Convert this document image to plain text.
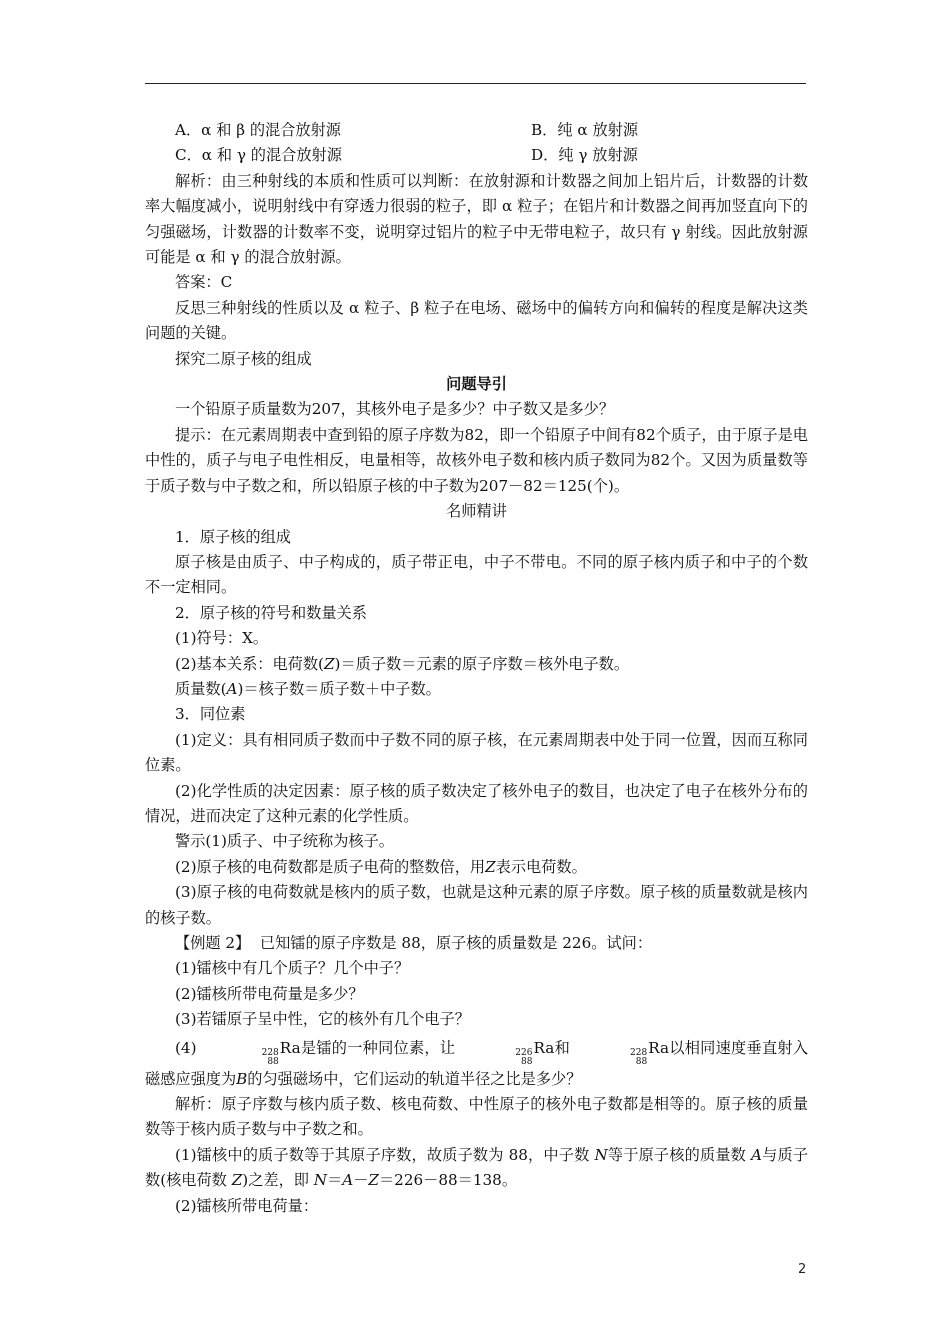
A．α 和 β 的混合放射源	B．纯 α 放射源
C．α 和 γ 的混合放射源	D．纯 γ 放射源

解析：由三种射线的本质和性质可以判断：在放射源和计数器之间加上铝片后，计数器的计数率大幅度减小，说明射线中有穿透力很弱的粒子，即 α 粒子；在铝片和计数器之间再加竖直向下的匀强磁场，计数器的计数率不变，说明穿过铝片的粒子中无带电粒子，故只有 γ 射线。因此放射源可能是 α 和 γ 的混合放射源。

答案：C

反思三种射线的性质以及 α 粒子、β 粒子在电场、磁场中的偏转方向和偏转的程度是解决这类问题的关键。

探究二原子核的组成

问题导引

一个铅原子质量数为207，其核外电子是多少？中子数又是多少？

提示：在元素周期表中查到铅的原子序数为82，即一个铅原子中间有82个质子，由于原子是电中性的，质子与电子电性相反，电量相等，故核外电子数和核内质子数同为82个。又因为质量数等于质子数与中子数之和，所以铅原子核的中子数为207－82＝125(个)。

名师精讲

1．原子核的组成

原子核是由质子、中子构成的，质子带正电，中子不带电。不同的原子核内质子和中子的个数不一定相同。

2．原子核的符号和数量关系

(1)符号：X。

(2)基本关系：电荷数(Z)＝质子数＝元素的原子序数＝核外电子数。

质量数(A)＝核子数＝质子数＋中子数。

3．同位素

(1)定义：具有相同质子数而中子数不同的原子核，在元素周期表中处于同一位置，因而互称同位素。

(2)化学性质的决定因素：原子核的质子数决定了核外电子的数目，也决定了电子在核外分布的情况，进而决定了这种元素的化学性质。

警示(1)质子、中子统称为核子。

(2)原子核的电荷数都是质子电荷的整数倍，用Z表示电荷数。

(3)原子核的电荷数就是核内的质子数，也就是这种元素的原子序数。原子核的质量数就是核内的核子数。

【例题 2】 已知镭的原子序数是 88，原子核的质量数是 226。试问：

(1)镭核中有几个质子？几个中子？

(2)镭核所带电荷量是多少？

(3)若镭原子呈中性，它的核外有几个电子？

(4)	228
88
Ra是镭的一种同位素，让	226
88
Ra和	228
88
Ra以相同速度垂直射入磁感应强度为B的匀强磁场中，它们运动的轨道半径之比是多少？

解析：原子序数与核内质子数、核电荷数、中性原子的核外电子数都是相等的。原子核的质量数等于核内质子数与中子数之和。

(1)镭核中的质子数等于其原子序数，故质子数为 88，中子数 N等于原子核的质量数 A与质子数(核电荷数 Z)之差，即 N＝A－Z＝226－88＝138。

(2)镭核所带电荷量：

2
